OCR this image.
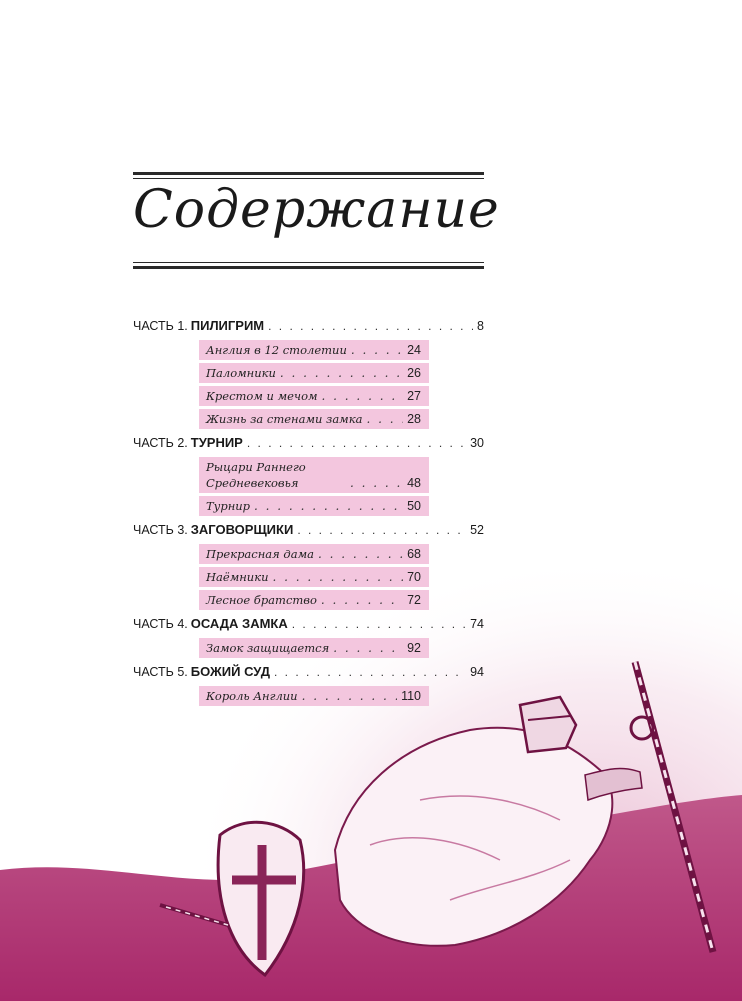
Содержание
ЧАСТЬ 1. ПИЛИГРИМ . . .	8
Англия в 12 столетии . . .	24
Паломники . . .	26
Крестом и мечом . . .	27
Жизнь за стенами замка . . .	28
ЧАСТЬ 2. ТУРНИР . . .	30
Рыцари Раннего Средневековья . . .	48
Турнир . . .	50
ЧАСТЬ 3. ЗАГОВОРЩИКИ . . .	52
Прекрасная дама . . .	68
Наёмники . . .	70
Лесное братство . . .	72
ЧАСТЬ 4. ОСАДА ЗАМКА . . .	74
Замок защищается . . .	92
ЧАСТЬ 5. БОЖИЙ СУД . . .	94
Король Англии . . .	110
